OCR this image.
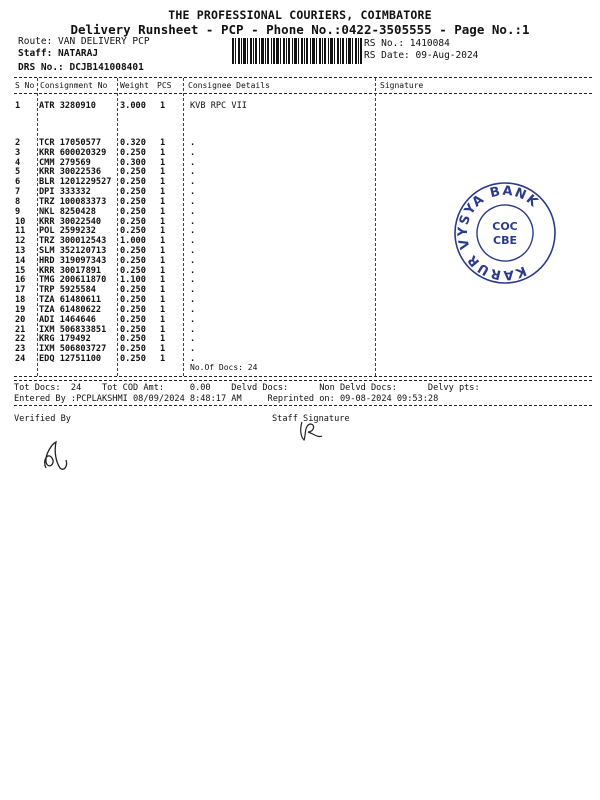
THE PROFESSIONAL COURIERS, COIMBATORE
Delivery Runsheet - PCP - Phone No.:0422-3505555 - Page No.:1
Route: VAN DELIVERY PCP
Staff: NATARAJ
DRS No.: DCJB141008401
RS No.: 1410084
RS Date: 09-Aug-2024
S No Consignment No Weight PCS Consignee Details	Signature
1 ATR 3280910	3.000 1	KVB RPC VII
2 TCR 17050577 0.320 1	.
3 KRR 600020329 0.250 1	.
4 CMM 279569	0.300 1	.
5 KRR 30022536 0.250 1	.
6 BLR 1201229527 0.250 1	.
7 DPI 333332	0.250 1	.
8 TRZ 100083373 0.250 1	.
9 NKL 8250428	0.250 1	.
10 KRR 30022540 0.250 1	.
11 POL 2599232	0.250 1	.
12 TRZ 300012543 1.000 1	.
13 SLM 352120713 0.250 1	.
14 HRD 319097343 0.250 1	.
15 KRR 30017891 0.250 1	.
16 TMG 200611870 1.100 1	.
17 TRP 5925584	0.250 1	.
18 TZA 61480611 0.250 1	.
19 TZA 61480622 0.250 1	.
20 ADI 1464646	0.250 1	.
21 IXM 506833851 0.250 1	.
22 KRG 179492	0.250 1	.
23 IXM 506803727 0.250 1	.
24 EDQ 12751100 0.250 1	.
No.Of Docs: 24
KARUR VYSYA BANK
COC
CBE
Tot Docs:  24    Tot COD Amt:     0.00    Delvd Docs:      Non Delvd Docs:      Delvy pts:
Entered By :PCPLAKSHMI 08/09/2024 8:48:17 AM     Reprinted on: 09-08-2024 09:53:28
Verified By	Staff Signature
